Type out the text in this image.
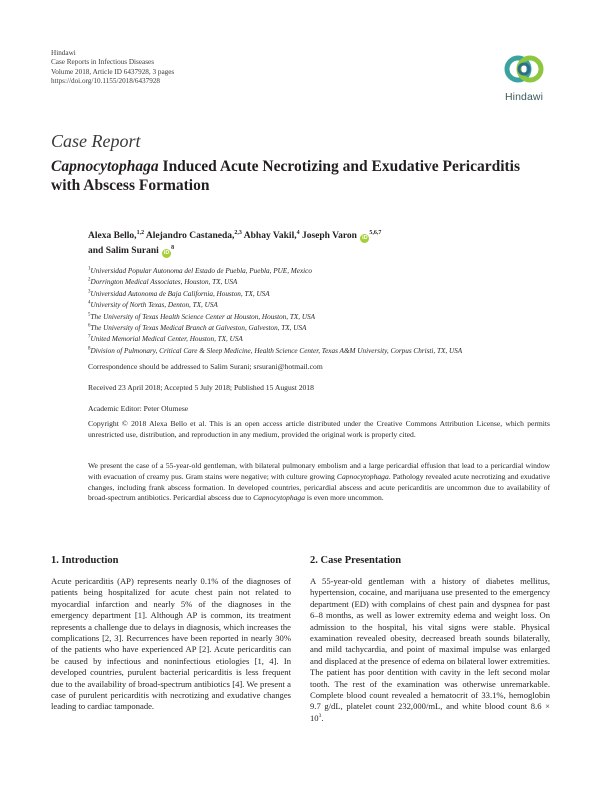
Hindawi
Case Reports in Infectious Diseases
Volume 2018, Article ID 6437928, 3 pages
https://doi.org/10.1155/2018/6437928
Hindawi
Case Report
Capnocytophaga Induced Acute Necrotizing and Exudative Pericarditis with Abscess Formation
Alexa Bello,$^{1,2}$ Alejandro Castaneda,$^{2,3}$ Abhay Vakil,$^4$ Joseph Varon iD$^{5,6,7}$
and Salim Surani $iD^8$
$^1$Universidad Popular Autonoma del Estado de Puebla, Puebla, PUE, Mexico
$^2$Dorrington Medical Associates, Houston, TX, USA
$^3$Universidad Autonoma de Baja California, Houston, TX, USA
$^4$University of North Texas, Denton, TX, USA
$^5$The University of Texas Health Science Center at Houston, Houston, TX, USA
$^6$The University of Texas Medical Branch at Galveston, Galveston, TX, USA
$^7$United Memorial Medical Center, Houston, TX, USA
$^8$Division of Pulmonary, Critical Care & Sleep Medicine, Health Science Center, Texas A&M University, Corpus Christi, TX, USA
Correspondence should be addressed to Salim Surani; srsurani@hotmail.com
Received 23 April 2018; Accepted 5 July 2018; Published 15 August 2018
Academic Editor: Peter Olumese
Copyright © 2018 Alexa Bello et al. This is an open access article distributed under the Creative Commons Attribution License, which permits unrestricted use, distribution, and reproduction in any medium, provided the original work is properly cited.
We present the case of a 55-year-old gentleman, with bilateral pulmonary embolism and a large pericardial effusion that lead to a pericardial window with evacuation of creamy pus. Gram stains were negative; with culture growing Capnocytophaga. Pathology revealed acute necrotizing and exudative changes, including frank abscess formation. In developed countries, pericardial abscess and acute pericarditis are uncommon due to availability of broad-spectrum antibiotics. Pericardial abscess due to Capnocytophaga is even more uncommon.
1. Introduction	2. Case Presentation
Acute pericarditis (AP) represents nearly 0.1% of the diagnoses of patients being hospitalized for acute chest pain not related to myocardial infarction and nearly 5% of the diagnoses in the emergency department [1]. Although AP is common, its treatment represents a challenge due to delays in diagnosis, which increases the complications [2, 3]. Recurrences have been reported in nearly 30% of the patients who have experienced AP [2]. Acute pericarditis can be caused by infectious and noninfectious etiologies [1, 4]. In developed countries, purulent bacterial pericarditis is less frequent due to the availability of broad-spectrum antibiotics [4]. We present a case of purulent pericarditis with necrotizing and exudative changes leading to cardiac tamponade.
A 55-year-old gentleman with a history of diabetes mellitus, hypertension, cocaine, and marijuana use presented to the emergency department (ED) with complains of chest pain and dyspnea for past 6–8 months, as well as lower extremity edema and weight loss. On admission to the hospital, his vital signs were stable. Physical examination revealed obesity, decreased breath sounds bilaterally, and mild tachycardia, and point of maximal impulse was enlarged and displaced at the presence of edema on bilateral lower extremities. The patient has poor dentition with cavity in the left second molar tooth. The rest of the examination was otherwise unremarkable. Complete blood count revealed a hematocrit of 33.1%, hemoglobin 9.7 g/dL, platelet count 232,000/mL, and white blood count $8.6 \times 10^3$.
